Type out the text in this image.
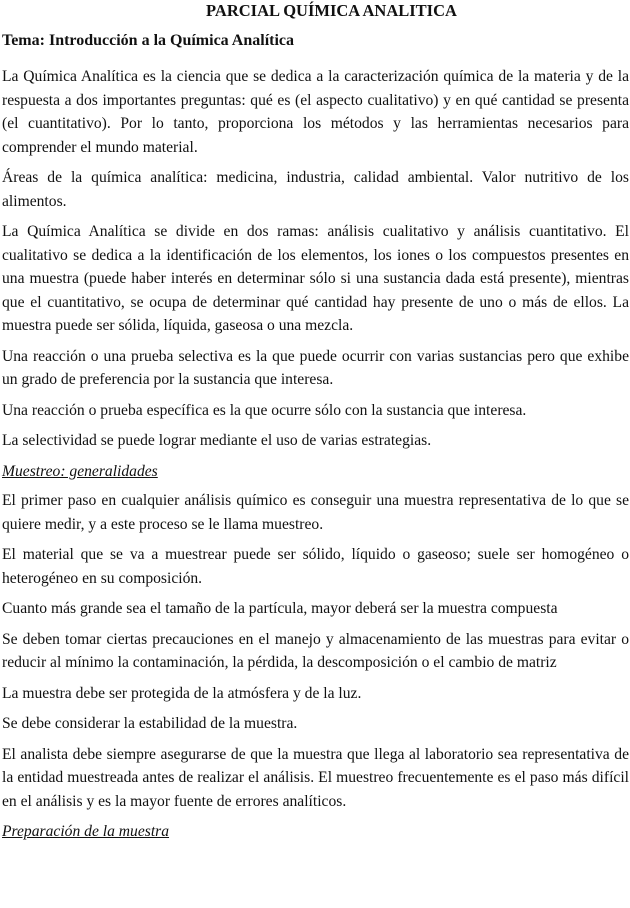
PARCIAL QUÍMICA ANALITICA
Tema: Introducción a la Química Analítica

La Química Analítica es la ciencia que se dedica a la caracterización química de la materia y de la respuesta a dos importantes preguntas: qué es (el aspecto cualitativo) y en qué cantidad se presenta (el cuantitativo). Por lo tanto, proporciona los métodos y las herramientas necesarios para comprender el mundo material.

Áreas de la química analítica: medicina, industria, calidad ambiental. Valor nutritivo de los alimentos.

La Química Analítica se divide en dos ramas: análisis cualitativo y análisis cuantitativo. El cualitativo se dedica a la identificación de los elementos, los iones o los compuestos presentes en una muestra (puede haber interés en determinar sólo si una sustancia dada está presente), mientras que el cuantitativo, se ocupa de determinar qué cantidad hay presente de uno o más de ellos. La muestra puede ser sólida, líquida, gaseosa o una mezcla.

Una reacción o una prueba selectiva es la que puede ocurrir con varias sustancias pero que exhibe un grado de preferencia por la sustancia que interesa.

Una reacción o prueba específica es la que ocurre sólo con la sustancia que interesa.

La selectividad se puede lograr mediante el uso de varias estrategias.

Muestreo: generalidades

El primer paso en cualquier análisis químico es conseguir una muestra representativa de lo que se quiere medir, y a este proceso se le llama muestreo.

El material que se va a muestrear puede ser sólido, líquido o gaseoso; suele ser homogéneo o heterogéneo en su composición.

Cuanto más grande sea el tamaño de la partícula, mayor deberá ser la muestra compuesta

Se deben tomar ciertas precauciones en el manejo y almacenamiento de las muestras para evitar o reducir al mínimo la contaminación, la pérdida, la descomposición o el cambio de matriz

La muestra debe ser protegida de la atmósfera y de la luz.

Se debe considerar la estabilidad de la muestra.

El analista debe siempre asegurarse de que la muestra que llega al laboratorio sea representativa de la entidad muestreada antes de realizar el análisis. El muestreo frecuentemente es el paso más difícil en el análisis y es la mayor fuente de errores analíticos.

Preparación de la muestra
